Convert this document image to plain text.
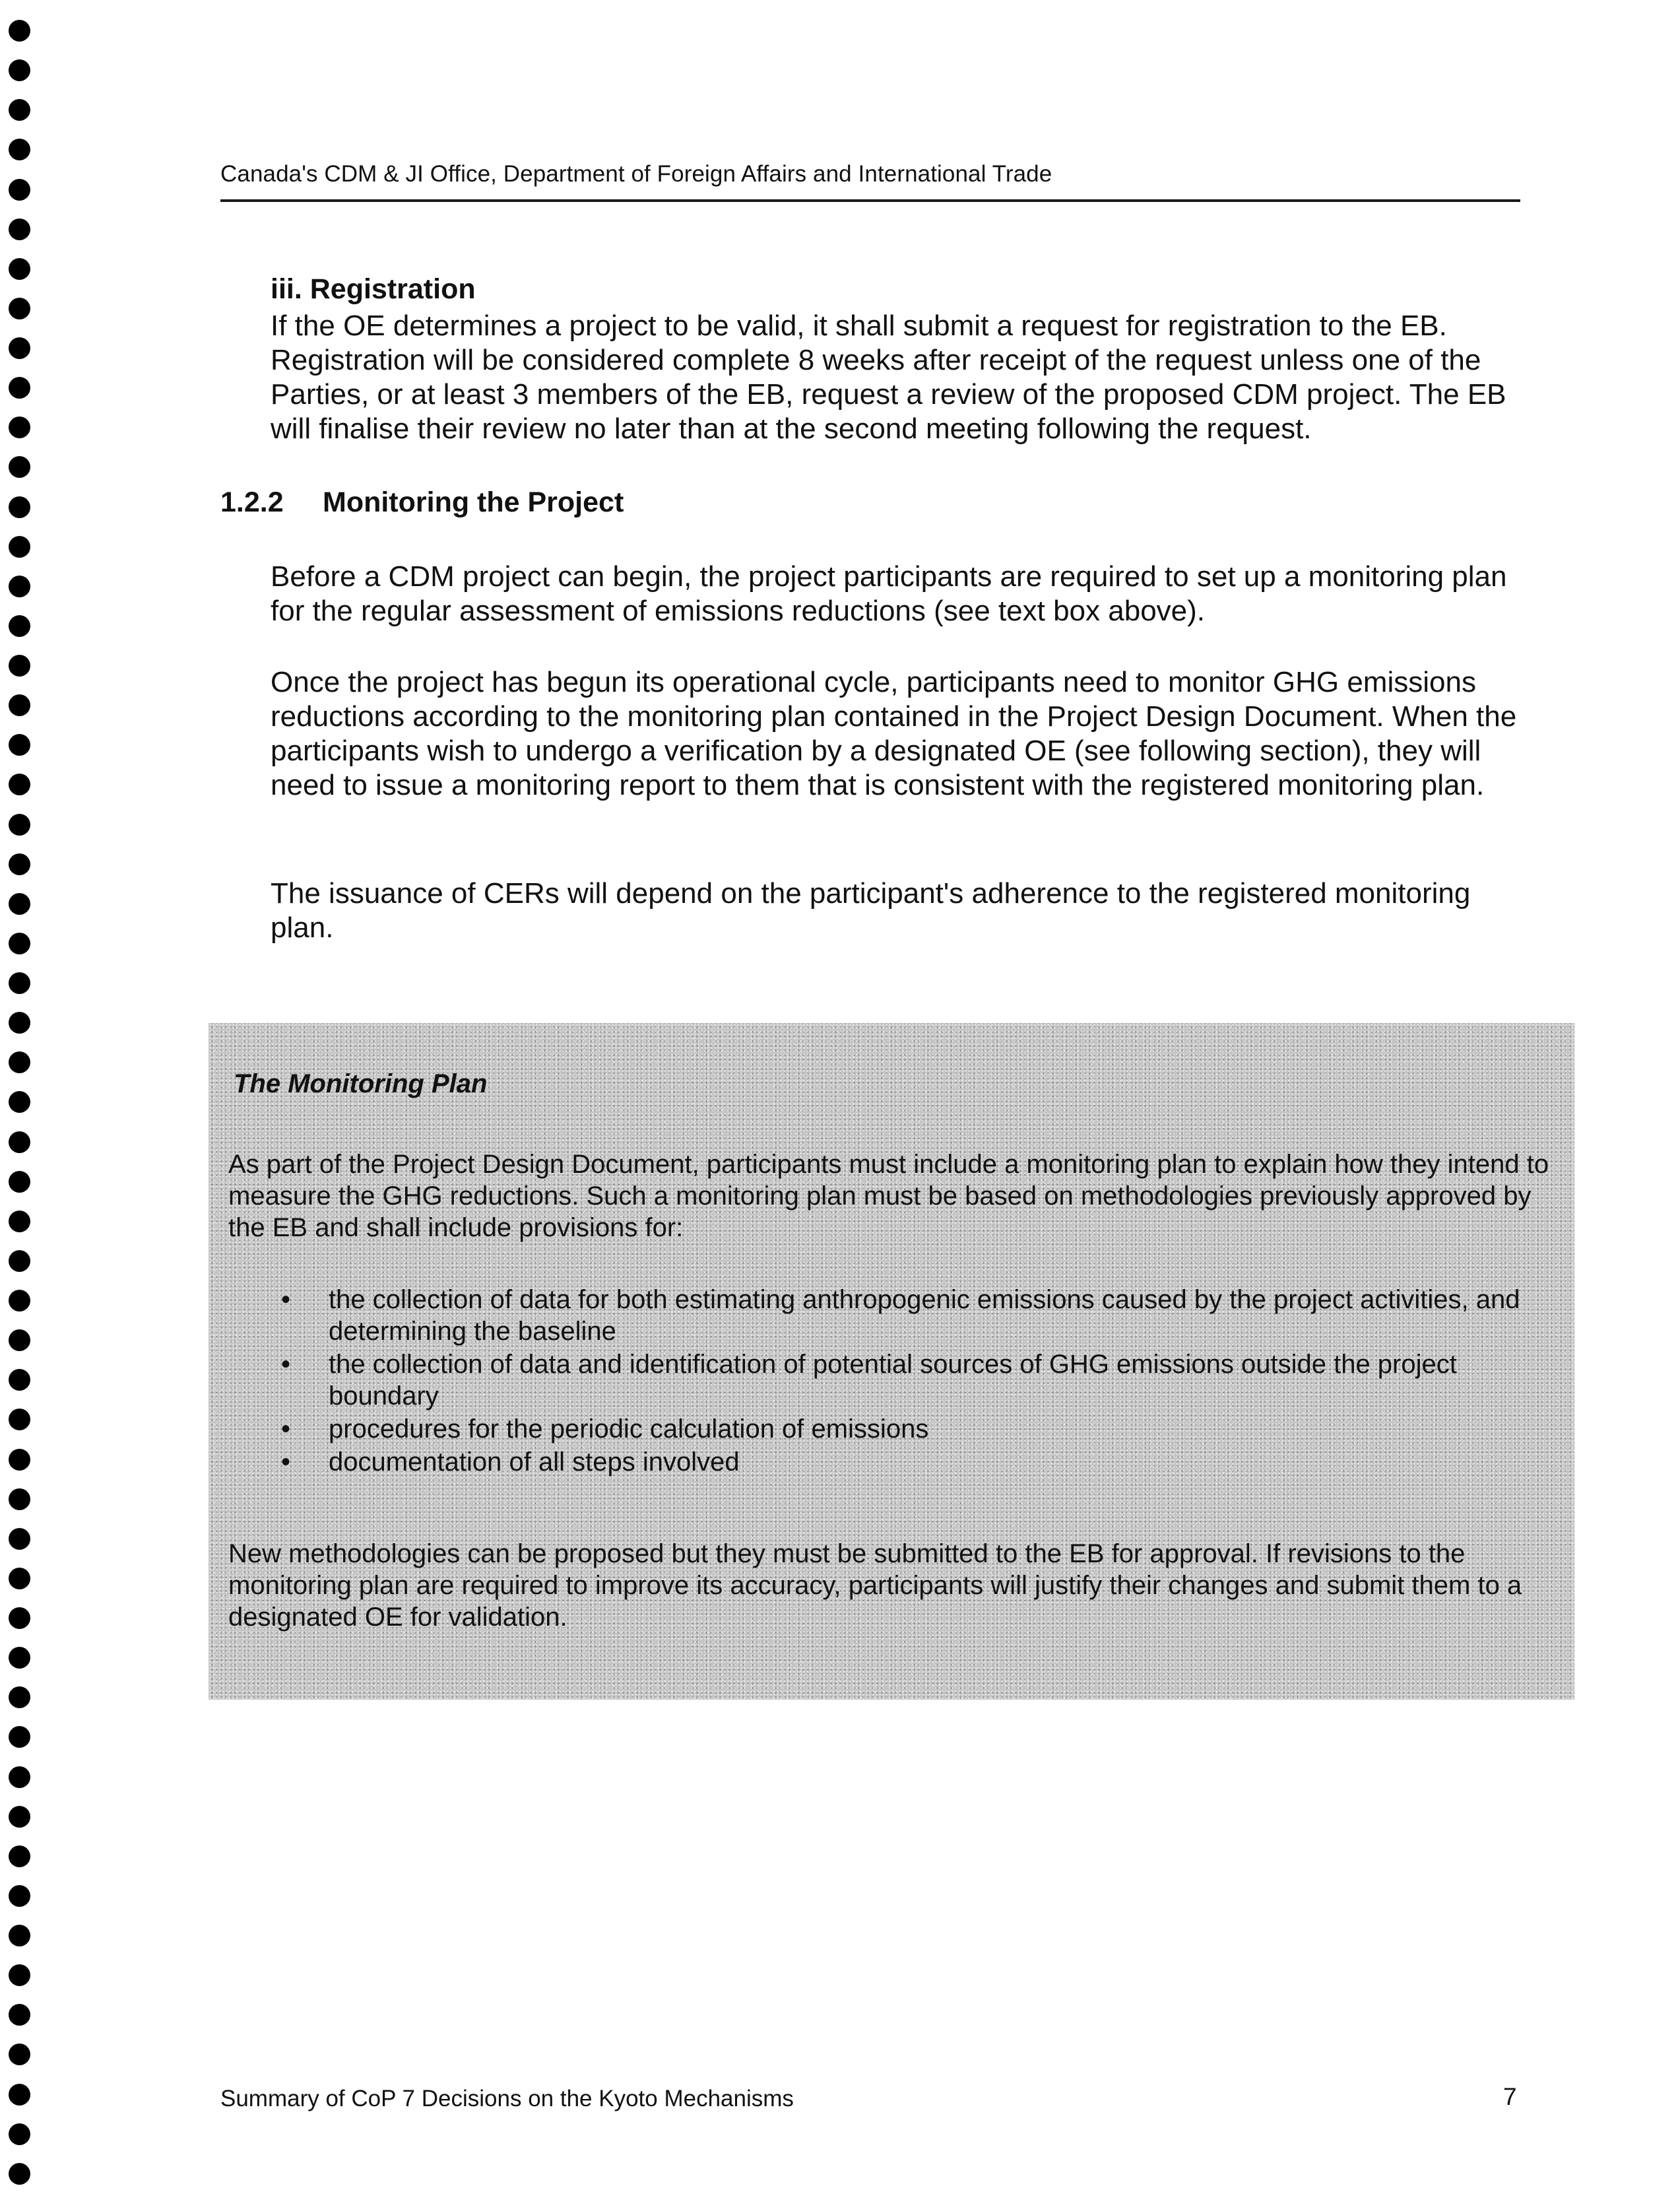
Canada's CDM & JI Office, Department of Foreign Affairs and International Trade
iii. Registration
If the OE determines a project to be valid, it shall submit a request for registration to the EB. Registration will be considered complete 8 weeks after receipt of the request unless one of the Parties, or at least 3 members of the EB, request a review of the proposed CDM project. The EB will finalise their review no later than at the second meeting following the request.
1.2.2 Monitoring the Project
Before a CDM project can begin, the project participants are required to set up a monitoring plan for the regular assessment of emissions reductions (see text box above).
Once the project has begun its operational cycle, participants need to monitor GHG emissions reductions according to the monitoring plan contained in the Project Design Document. When the participants wish to undergo a verification by a designated OE (see following section), they will need to issue a monitoring report to them that is consistent with the registered monitoring plan.
The issuance of CERs will depend on the participant's adherence to the registered monitoring plan.
The Monitoring Plan
As part of the Project Design Document, participants must include a monitoring plan to explain how they intend to measure the GHG reductions. Such a monitoring plan must be based on methodologies previously approved by the EB and shall include provisions for:
• the collection of data for both estimating anthropogenic emissions caused by the project activities, and determining the baseline
• the collection of data and identification of potential sources of GHG emissions outside the project boundary
• procedures for the periodic calculation of emissions
• documentation of all steps involved
New methodologies can be proposed but they must be submitted to the EB for approval. If revisions to the monitoring plan are required to improve its accuracy, participants will justify their changes and submit them to a designated OE for validation.
Summary of CoP 7 Decisions on the Kyoto Mechanisms	7
